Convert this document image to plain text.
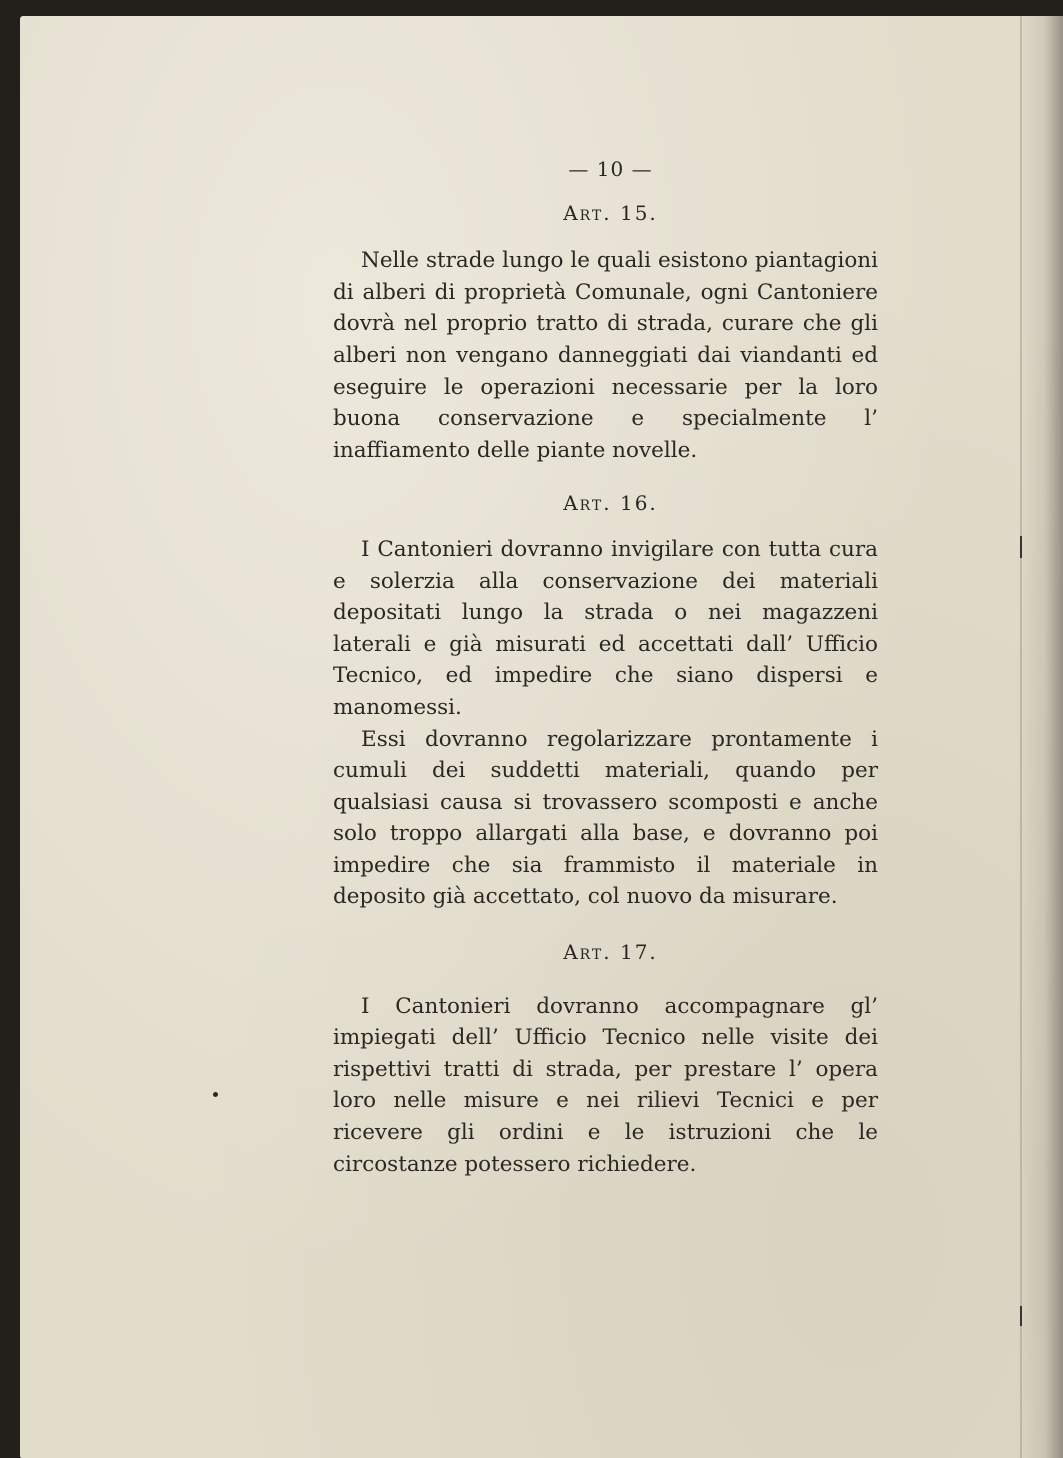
— 10 —

Art. 15.

Nelle strade lungo le quali esistono piantagioni di alberi di proprietà Comunale, ogni Cantoniere dovrà nel proprio tratto di strada, curare che gli alberi non vengano danneggiati dai viandanti ed eseguire le operazioni necessarie per la loro buona conservazione e specialmente l’ inaffiamento delle piante novelle.

Art. 16.

I Cantonieri dovranno invigilare con tutta cura e solerzia alla conservazione dei materiali depositati lungo la strada o nei magazzeni laterali e già misurati ed accettati dall’ Ufficio Tecnico, ed impedire che siano dispersi e manomessi.

Essi dovranno regolarizzare prontamente i cumuli dei suddetti materiali, quando per qualsiasi causa si trovassero scomposti e anche solo troppo allargati alla base, e dovranno poi impedire che sia frammisto il materiale in deposito già accettato, col nuovo da misurare.

Art. 17.

I Cantonieri dovranno accompagnare gl’ impiegati dell’ Ufficio Tecnico nelle visite dei rispettivi tratti di strada, per prestare l’ opera loro nelle misure e nei rilievi Tecnici e per ricevere gli ordini e le istruzioni che le circostanze potessero richiedere.
